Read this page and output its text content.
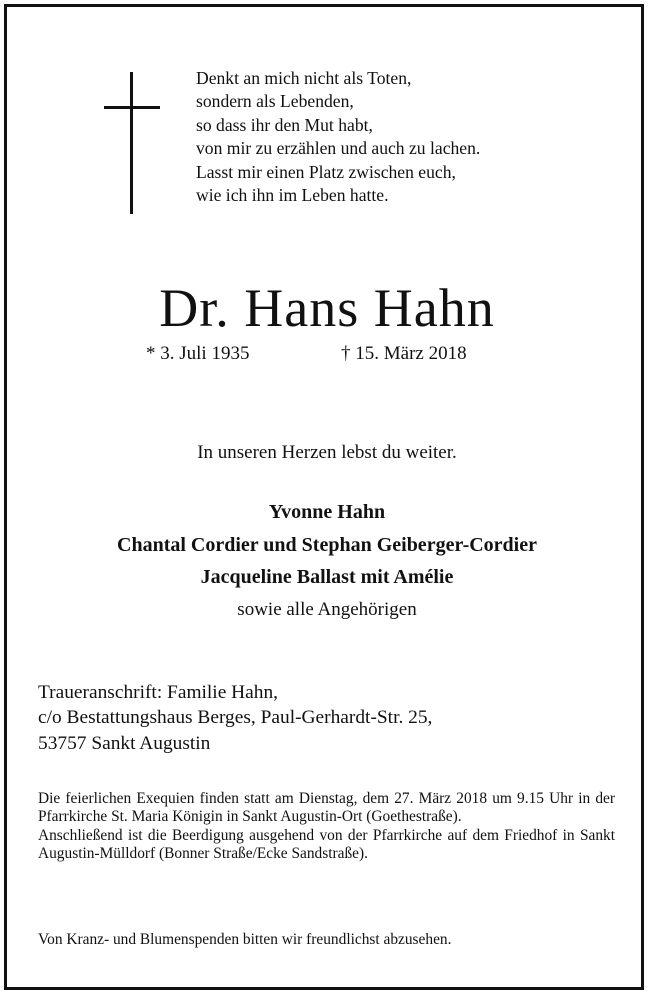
Denkt an mich nicht als Toten,
sondern als Lebenden,
so dass ihr den Mut habt,
von mir zu erzählen und auch zu lachen.
Lasst mir einen Platz zwischen euch,
wie ich ihn im Leben hatte.
Dr. Hans Hahn
* 3. Juli 1935	† 15. März 2018
In unseren Herzen lebst du weiter.
Yvonne Hahn
Chantal Cordier und Stephan Geiberger-Cordier
Jacqueline Ballast mit Amélie
sowie alle Angehörigen
Traueranschrift: Familie Hahn,
c/o Bestattungshaus Berges, Paul-Gerhardt-Str. 25,
53757 Sankt Augustin
Die feierlichen Exequien finden statt am Dienstag, dem 27. März 2018 um 9.15 Uhr in der Pfarrkirche St. Maria Königin in Sankt Augustin-Ort (Goethestraße).
Anschließend ist die Beerdigung ausgehend von der Pfarrkirche auf dem Friedhof in Sankt Augustin-Mülldorf (Bonner Straße/Ecke Sandstraße).
Von Kranz- und Blumenspenden bitten wir freundlichst abzusehen.
